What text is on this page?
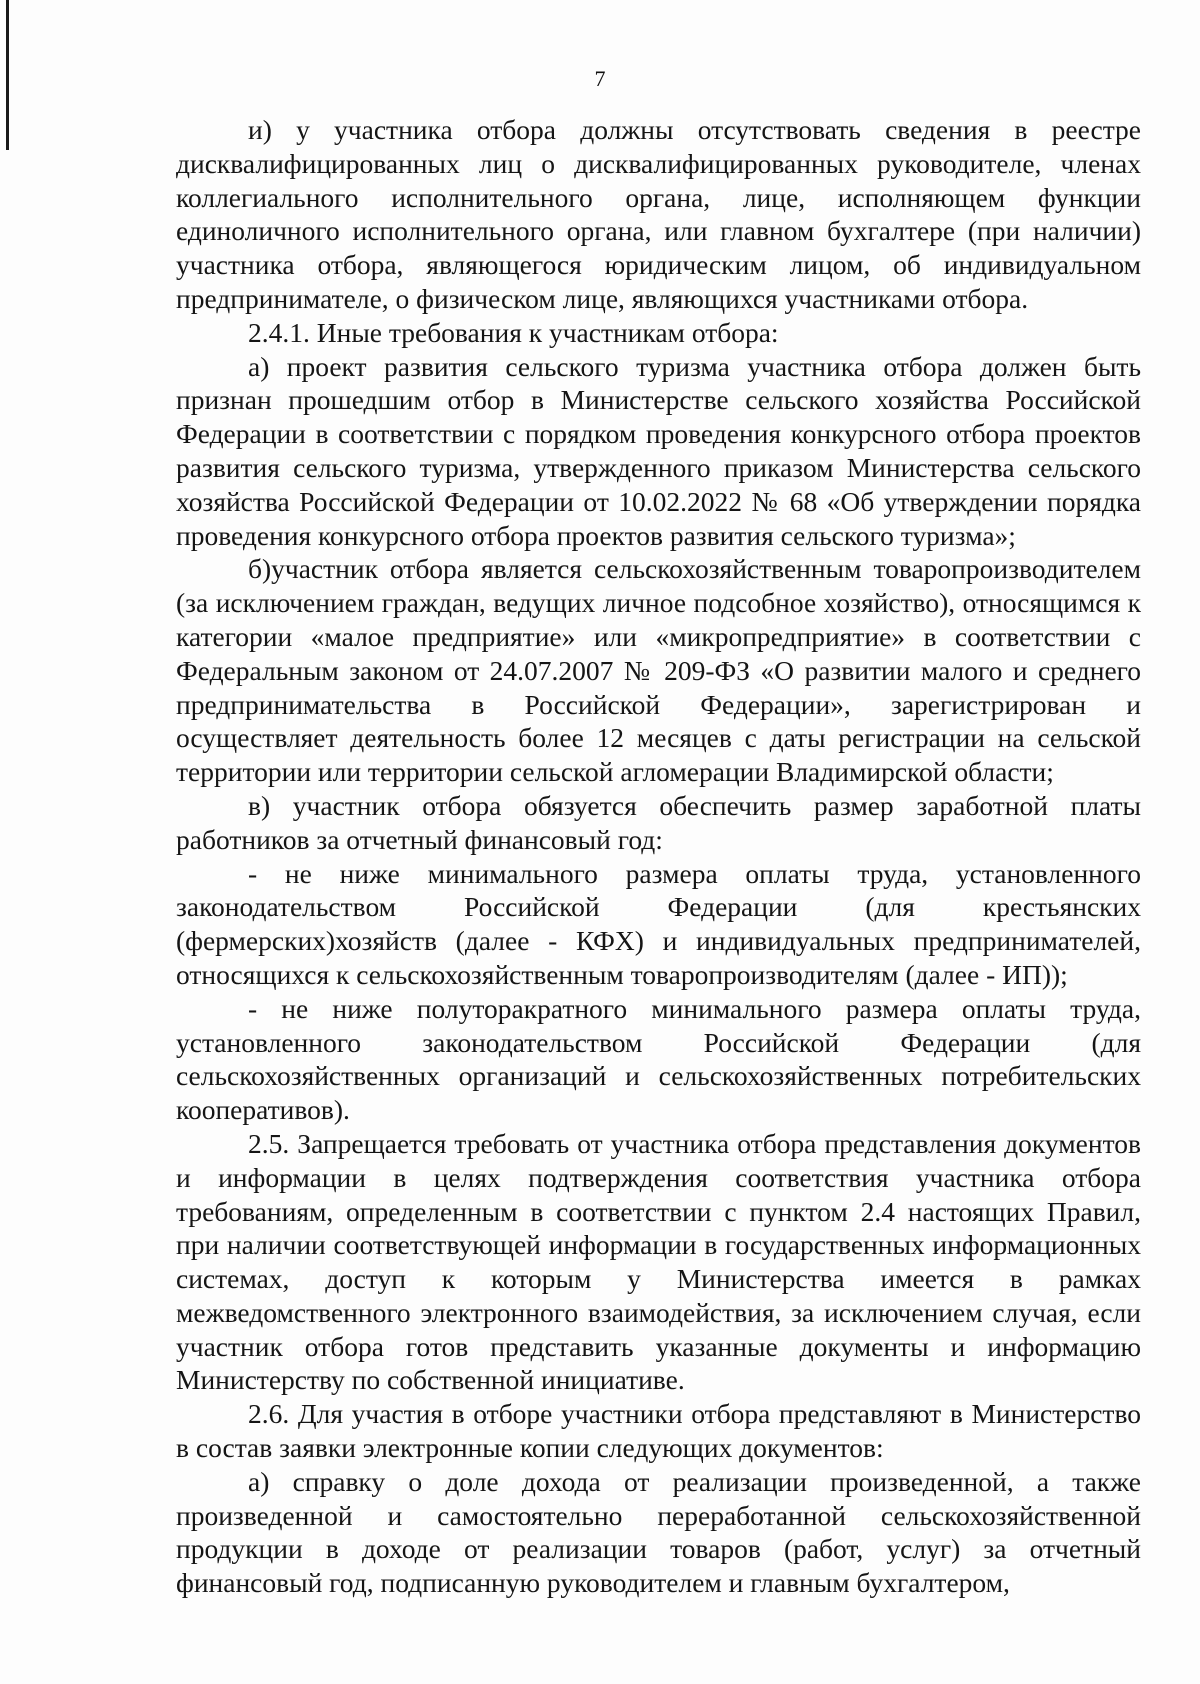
7

и) у участника отбора должны отсутствовать сведения в реестре дисквалифицированных лиц о дисквалифицированных руководителе, членах коллегиального исполнительного органа, лице, исполняющем функции единоличного исполнительного органа, или главном бухгалтере (при наличии) участника отбора, являющегося юридическим лицом, об индивидуальном предпринимателе, о физическом лице, являющихся участниками отбора.

2.4.1. Иные требования к участникам отбора:

а) проект развития сельского туризма участника отбора должен быть признан прошедшим отбор в Министерстве сельского хозяйства Российской Федерации в соответствии с порядком проведения конкурсного отбора проектов развития сельского туризма, утвержденного приказом Министерства сельского хозяйства Российской Федерации от 10.02.2022 № 68 «Об утверждении порядка проведения конкурсного отбора проектов развития сельского туризма»;

б)участник отбора является сельскохозяйственным товаропроизводителем (за исключением граждан, ведущих личное подсобное хозяйство), относящимся к категории «малое предприятие» или «микропредприятие» в соответствии с Федеральным законом от 24.07.2007 № 209-ФЗ «О развитии малого и среднего предпринимательства в Российской Федерации», зарегистрирован и осуществляет деятельность более 12 месяцев с даты регистрации на сельской территории или территории сельской агломерации Владимирской области;

в) участник отбора обязуется обеспечить размер заработной платы работников за отчетный финансовый год:

- не ниже минимального размера оплаты труда, установленного законодательством Российской Федерации (для крестьянских (фермерских)хозяйств (далее - КФХ) и индивидуальных предпринимателей, относящихся к сельскохозяйственным товаропроизводителям (далее - ИП));

- не ниже полуторакратного минимального размера оплаты труда, установленного законодательством Российской Федерации (для сельскохозяйственных организаций и сельскохозяйственных потребительских кооперативов).

2.5. Запрещается требовать от участника отбора представления документов и информации в целях подтверждения соответствия участника отбора требованиям, определенным в соответствии с пунктом 2.4 настоящих Правил, при наличии соответствующей информации в государственных информационных системах, доступ к которым у Министерства имеется в рамках межведомственного электронного взаимодействия, за исключением случая, если участник отбора готов представить указанные документы и информацию Министерству по собственной инициативе.

2.6. Для участия в отборе участники отбора представляют в Министерство в состав заявки электронные копии следующих документов:

а) справку о доле дохода от реализации произведенной, а также произведенной и самостоятельно переработанной сельскохозяйственной продукции в доходе от реализации товаров (работ, услуг) за отчетный финансовый год, подписанную руководителем и главным бухгалтером,
